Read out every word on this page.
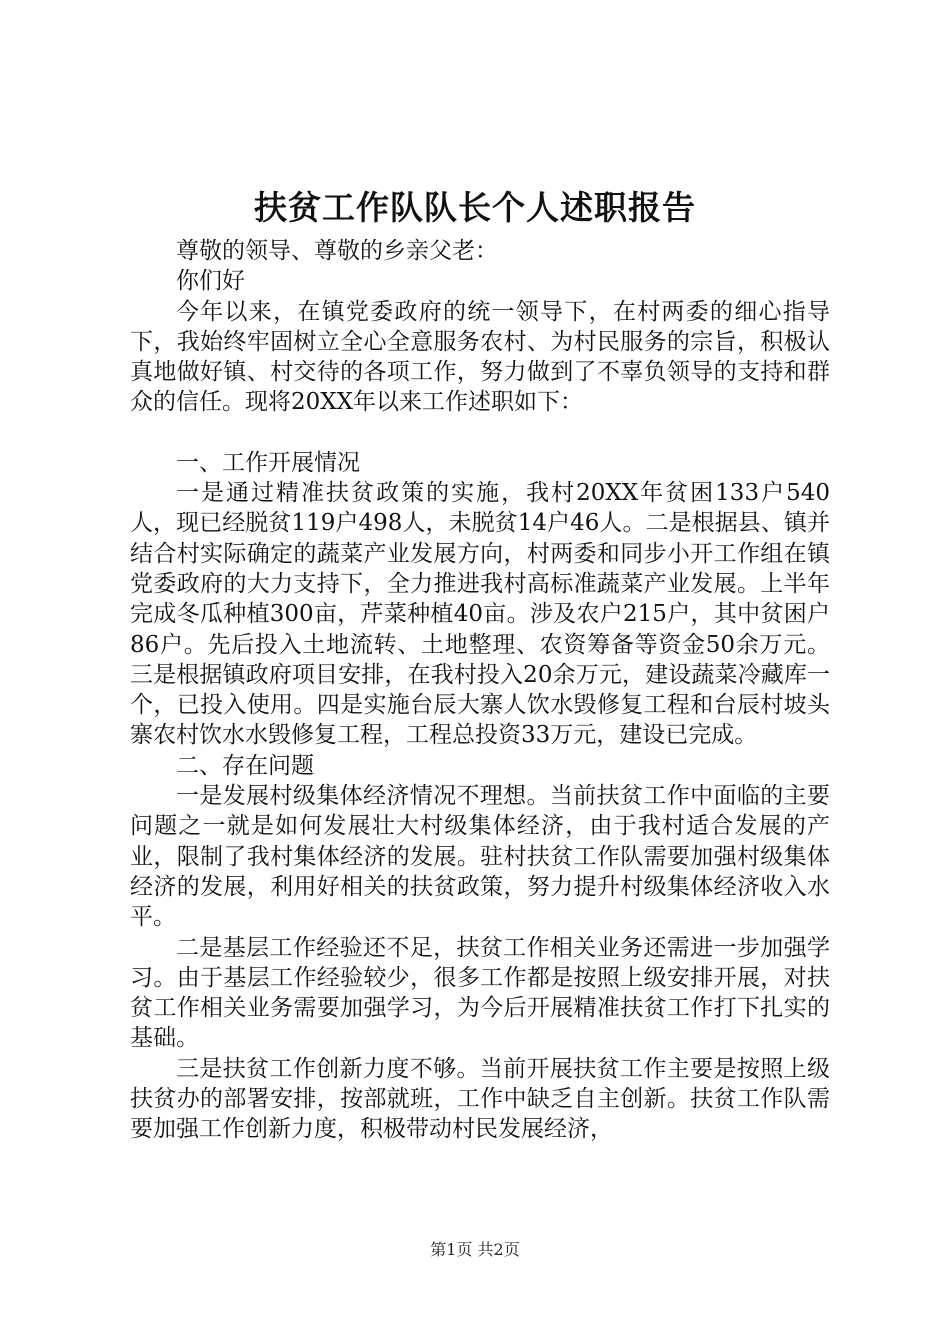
扶贫工作队队长个人述职报告

尊敬的领导、尊敬的乡亲父老：

你们好

今年以来，在镇党委政府的统一领导下，在村两委的细心指导下，我始终牢固树立全心全意服务农村、为村民服务的宗旨，积极认真地做好镇、村交待的各项工作，努力做到了不辜负领导的支持和群众的信任。现将20XX年以来工作述职如下：

一、工作开展情况

一是通过精准扶贫政策的实施，我村20XX年贫困133户540人，现已经脱贫119户498人，未脱贫14户46人。二是根据县、镇并结合村实际确定的蔬菜产业发展方向，村两委和同步小开工作组在镇党委政府的大力支持下，全力推进我村高标准蔬菜产业发展。上半年完成冬瓜种植300亩，芹菜种植40亩。涉及农户215户，其中贫困户86户。先后投入土地流转、土地整理、农资筹备等资金50余万元。三是根据镇政府项目安排，在我村投入20余万元，建设蔬菜冷藏库一个，已投入使用。四是实施台辰大寨人饮水毁修复工程和台辰村坡头寨农村饮水水毁修复工程，工程总投资33万元，建设已完成。

二、存在问题

一是发展村级集体经济情况不理想。当前扶贫工作中面临的主要问题之一就是如何发展壮大村级集体经济，由于我村适合发展的产业，限制了我村集体经济的发展。驻村扶贫工作队需要加强村级集体经济的发展，利用好相关的扶贫政策，努力提升村级集体经济收入水平。

二是基层工作经验还不足，扶贫工作相关业务还需进一步加强学习。由于基层工作经验较少，很多工作都是按照上级安排开展，对扶贫工作相关业务需要加强学习，为今后开展精准扶贫工作打下扎实的基础。

三是扶贫工作创新力度不够。当前开展扶贫工作主要是按照上级扶贫办的部署安排，按部就班，工作中缺乏自主创新。扶贫工作队需要加强工作创新力度，积极带动村民发展经济，

第1页 共2页
